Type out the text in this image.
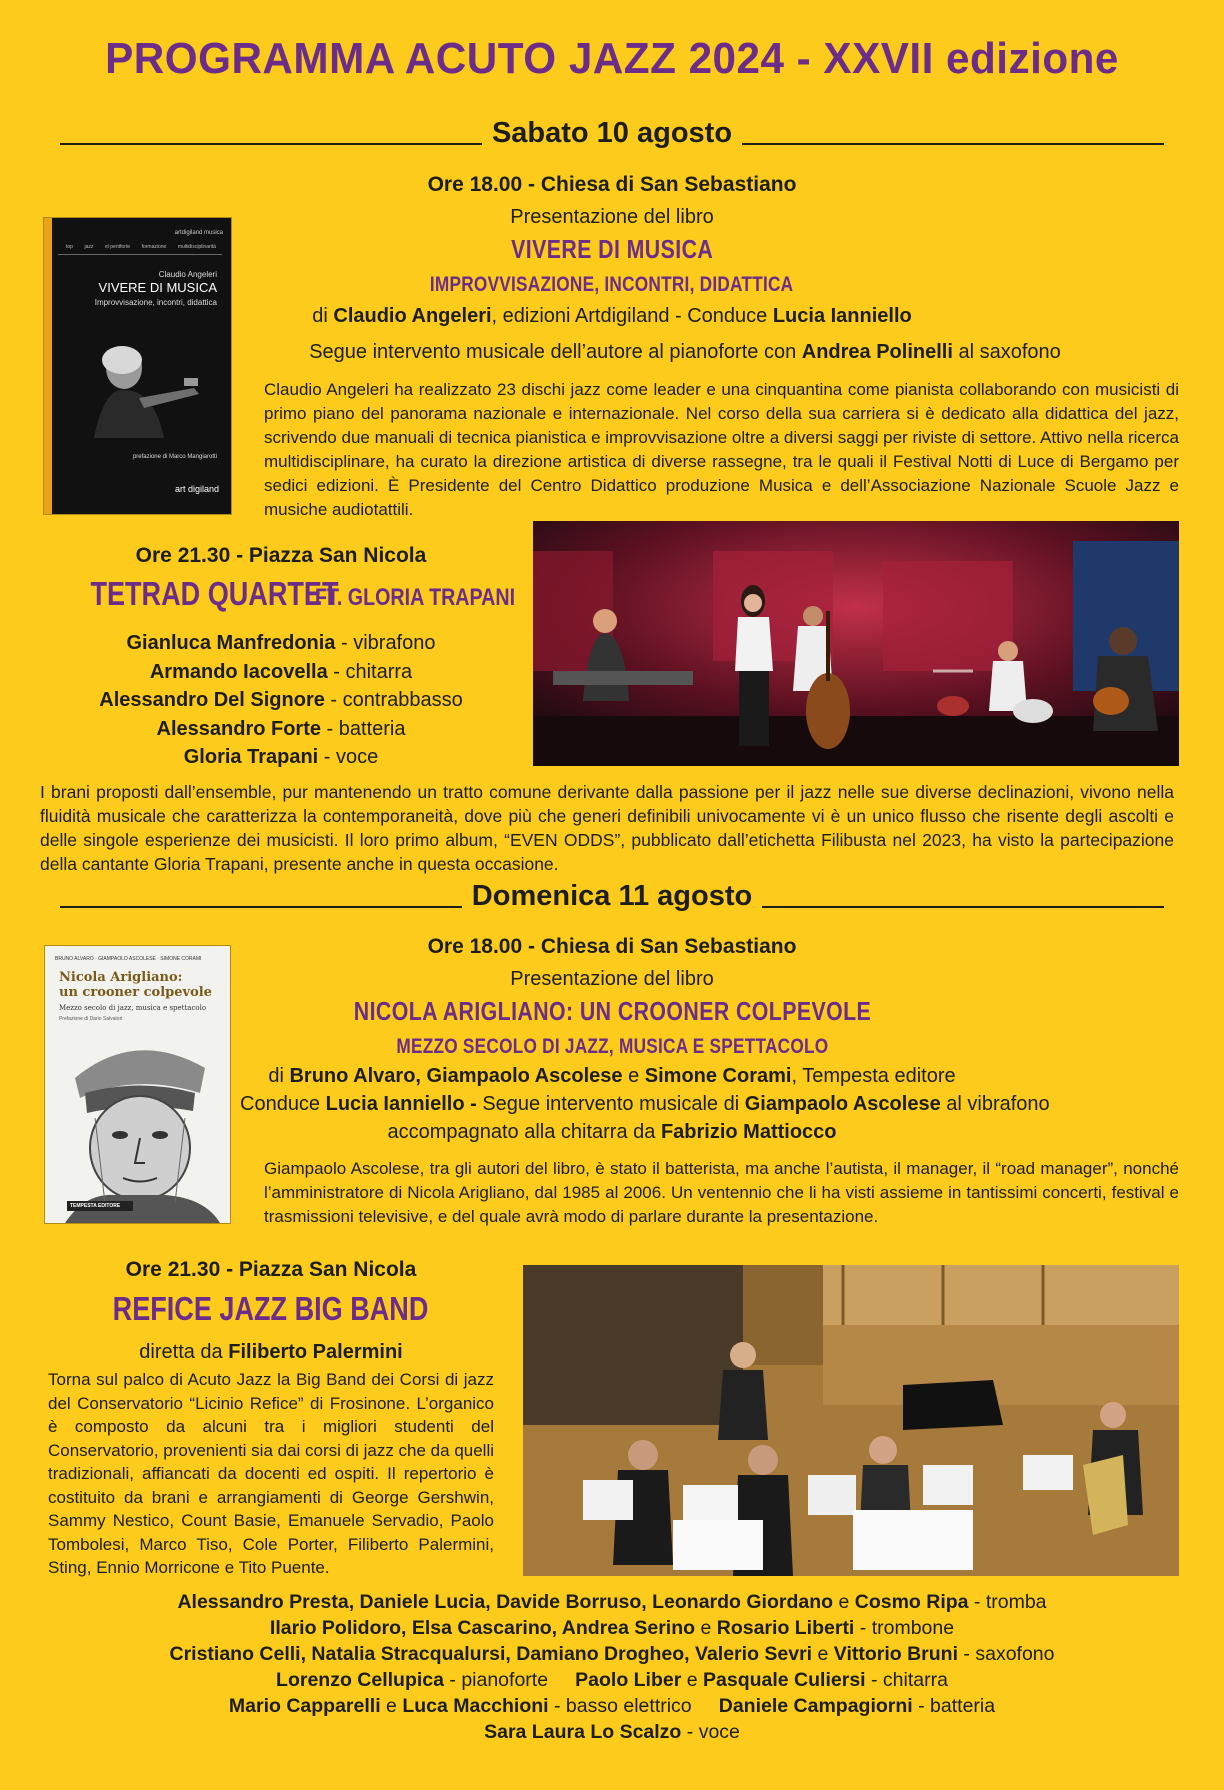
PROGRAMMA ACUTO JAZZ 2024 - XXVII edizione
Sabato 10 agosto
artdigiland musica
top jazz el pentforte formazione multidisciplinarità
Claudio Angeleri
VIVERE DI MUSICA
Improvvisazione, incontri, didattica
prefazione di Marco Mangiarotti
art digiland
Ore 18.00 - Chiesa di San Sebastiano
Presentazione del libro
VIVERE DI MUSICA
IMPROVVISAZIONE, INCONTRI, DIDATTICA
di Claudio Angeleri, edizioni Artdigiland - Conduce Lucia Ianniello
Segue intervento musicale dell’autore al pianoforte con Andrea Polinelli al saxofono
Claudio Angeleri ha realizzato 23 dischi jazz come leader e una cinquantina come pianista collaborando con musicisti di primo piano del panorama nazionale e internazionale. Nel corso della sua carriera si è dedicato alla didattica del jazz, scrivendo due manuali di tecnica pianistica e improvvisazione oltre a diversi saggi per riviste di settore. Attivo nella ricerca multidisciplinare, ha curato la direzione artistica di diverse rassegne, tra le quali il Festival Notti di Luce di Bergamo per sedici edizioni. È Presidente del Centro Didattico produzione Musica e dell’Associazione Nazionale Scuole Jazz e musiche audiotattili.
Ore 21.30 - Piazza San Nicola
TETRAD QUARTET FT. GLORIA TRAPANI
Gianluca Manfredonia - vibrafono
Armando Iacovella - chitarra
Alessandro Del Signore - contrabbasso
Alessandro Forte - batteria
Gloria Trapani - voce
I brani proposti dall’ensemble, pur mantenendo un tratto comune derivante dalla passione per il jazz nelle sue diverse declinazioni, vivono nella fluidità musicale che caratterizza la contemporaneità, dove più che generi definibili univocamente vi è un unico flusso che risente degli ascolti e delle singole esperienze dei musicisti. Il loro primo album, “EVEN ODDS”, pubblicato dall’etichetta Filibusta nel 2023, ha visto la partecipazione della cantante Gloria Trapani, presente anche in questa occasione.
Domenica 11 agosto
BRUNO ALVARO · GIAMPAOLO ASCOLESE · SIMONE CORAMI
Nicola Arigliano:
un crooner colpevole
Mezzo secolo di jazz, musica e spettacolo
Prefazione di Dario Salvatori
TEMPESTA EDITORE
Ore 18.00 - Chiesa di San Sebastiano
Presentazione del libro
NICOLA ARIGLIANO: UN CROONER COLPEVOLE
MEZZO SECOLO DI JAZZ, MUSICA E SPETTACOLO
di Bruno Alvaro, Giampaolo Ascolese e Simone Corami, Tempesta editore
Conduce Lucia Ianniello - Segue intervento musicale di Giampaolo Ascolese al vibrafono
accompagnato alla chitarra da Fabrizio Mattiocco
Giampaolo Ascolese, tra gli autori del libro, è stato il batterista, ma anche l’autista, il manager, il “road manager”, nonché l’amministratore di Nicola Arigliano, dal 1985 al 2006. Un ventennio che li ha visti assieme in tantissimi concerti, festival e trasmissioni televisive, e del quale avrà modo di parlare durante la presentazione.
Ore 21.30 - Piazza San Nicola
REFICE JAZZ BIG BAND
diretta da Filiberto Palermini
Torna sul palco di Acuto Jazz la Big Band dei Corsi di jazz del Conservatorio “Licinio Refice” di Frosinone. L’organico è composto da alcuni tra i migliori studenti del Conservatorio, provenienti sia dai corsi di jazz che da quelli tradizionali, affiancati da docenti ed ospiti. Il repertorio è costituito da brani e arrangiamenti di George Gershwin, Sammy Nestico, Count Basie, Emanuele Servadio, Paolo Tombolesi, Marco Tiso, Cole Porter, Filiberto Palermini, Sting, Ennio Morricone e Tito Puente.
Alessandro Presta, Daniele Lucia, Davide Borruso, Leonardo Giordano e Cosmo Ripa - tromba
Ilario Polidoro, Elsa Cascarino, Andrea Serino e Rosario Liberti - trombone
Cristiano Celli, Natalia Stracqualursi, Damiano Drogheo, Valerio Sevri e Vittorio Bruni - saxofono
Lorenzo Cellupica - pianoforte     Paolo Liber e Pasquale Culiersi - chitarra
Mario Capparelli e Luca Macchioni - basso elettrico     Daniele Campagiorni - batteria
Sara Laura Lo Scalzo - voce
